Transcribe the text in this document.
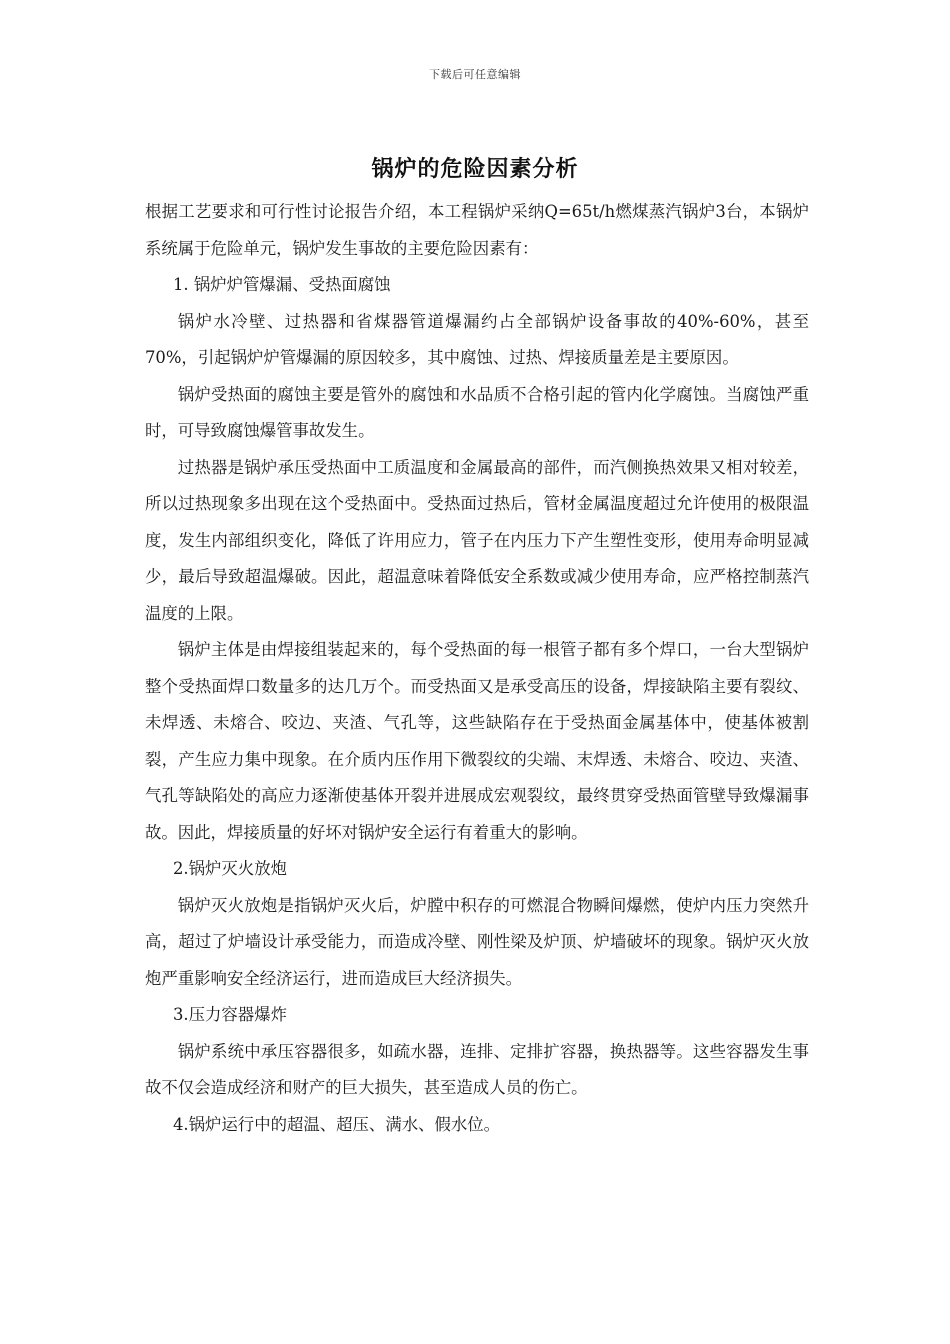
下载后可任意编辑
锅炉的危险因素分析

根据工艺要求和可行性讨论报告介绍，本工程锅炉采纳Q=65t/h燃煤蒸汽锅炉3台，本锅炉系统属于危险单元，锅炉发生事故的主要危险因素有：

1. 锅炉炉管爆漏、受热面腐蚀

锅炉水冷壁、过热器和省煤器管道爆漏约占全部锅炉设备事故的40%-60%，甚至70%，引起锅炉炉管爆漏的原因较多，其中腐蚀、过热、焊接质量差是主要原因。

锅炉受热面的腐蚀主要是管外的腐蚀和水品质不合格引起的管内化学腐蚀。当腐蚀严重时，可导致腐蚀爆管事故发生。

过热器是锅炉承压受热面中工质温度和金属最高的部件，而汽侧换热效果又相对较差，所以过热现象多出现在这个受热面中。受热面过热后，管材金属温度超过允许使用的极限温度，发生内部组织变化，降低了许用应力，管子在内压力下产生塑性变形，使用寿命明显减少，最后导致超温爆破。因此，超温意味着降低安全系数或减少使用寿命，应严格控制蒸汽温度的上限。

锅炉主体是由焊接组装起来的，每个受热面的每一根管子都有多个焊口，一台大型锅炉整个受热面焊口数量多的达几万个。而受热面又是承受高压的设备，焊接缺陷主要有裂纹、未焊透、未熔合、咬边、夹渣、气孔等，这些缺陷存在于受热面金属基体中，使基体被割裂，产生应力集中现象。在介质内压作用下微裂纹的尖端、末焊透、未熔合、咬边、夹渣、气孔等缺陷处的高应力逐渐使基体开裂并进展成宏观裂纹，最终贯穿受热面管壁导致爆漏事故。因此，焊接质量的好坏对锅炉安全运行有着重大的影响。

2.锅炉灭火放炮

锅炉灭火放炮是指锅炉灭火后，炉膛中积存的可燃混合物瞬间爆燃，使炉内压力突然升高，超过了炉墙设计承受能力，而造成冷壁、刚性梁及炉顶、炉墙破坏的现象。锅炉灭火放炮严重影响安全经济运行，进而造成巨大经济损失。

3.压力容器爆炸

锅炉系统中承压容器很多，如疏水器，连排、定排扩容器，换热器等。这些容器发生事故不仅会造成经济和财产的巨大损失，甚至造成人员的伤亡。

4.锅炉运行中的超温、超压、满水、假水位。
